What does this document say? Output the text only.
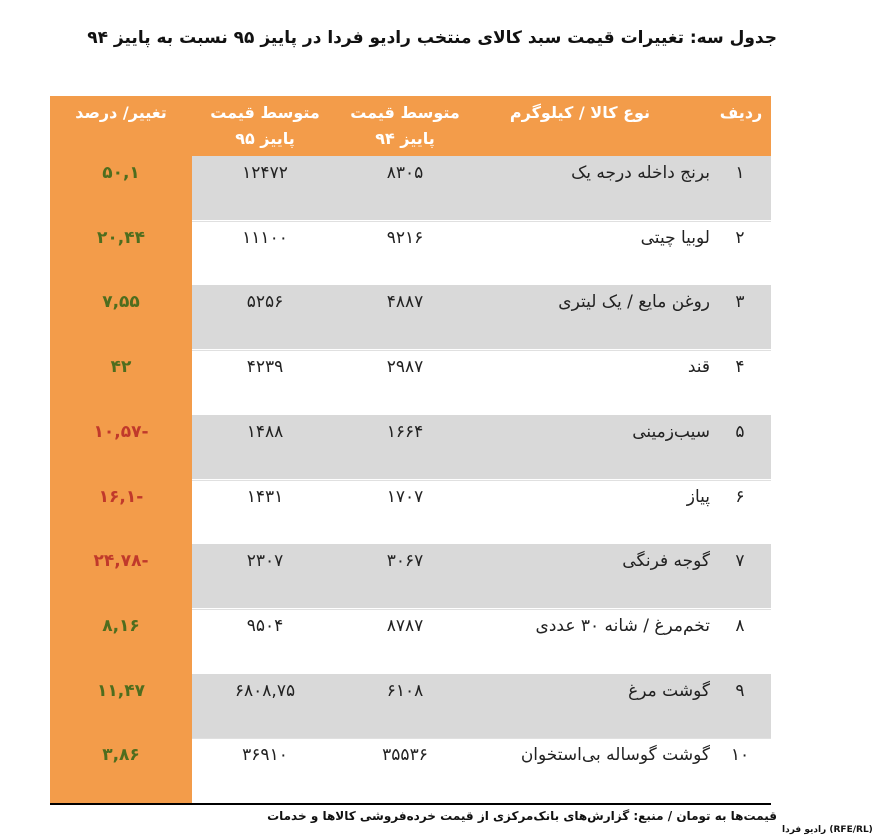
جدول سه: تغییرات قیمت سبد کالای منتخب رادیو فردا در پاییز ۹۵ نسبت به پاییز ۹۴
ردیف
نوع کالا / کیلوگرم
متوسط قیمت
پاییز ۹۴
متوسط قیمت
پاییز ۹۵
تغییر/ درصد
۱
برنج داخله درجه یک
۸۳۰۵
۱۲۴۷۲
۵۰,۱
۲
لوبیا چیتی
۹۲۱۶
۱۱۱۰۰
۲۰,۴۴
۳
روغن مایع / یک لیتری
۴۸۸۷
۵۲۵۶
۷,۵۵
۴
قند
۲۹۸۷
۴۲۳۹
۴۲
۵
سیب‌زمینی
۱۶۶۴
۱۴۸۸
-۱۰,۵۷
۶
پیاز
۱۷۰۷
۱۴۳۱
-۱۶,۱
۷
گوجه فرنگی
۳۰۶۷
۲۳۰۷
-۲۴,۷۸
۸
تخم‌مرغ / شانه ۳۰ عددی
۸۷۸۷
۹۵۰۴
۸,۱۶
۹
گوشت مرغ
۶۱۰۸
۶۸۰۸,۷۵
۱۱,۴۷
۱۰
گوشت گوساله بی‌استخوان
۳۵۵۳۶
۳۶۹۱۰
۳,۸۶
قیمت‌ها به تومان / منبع: گزارش‌های بانک‌مرکزی از قیمت خرده‌فروشی کالاها و خدمات
رادیو فردا (RFE/RL)
